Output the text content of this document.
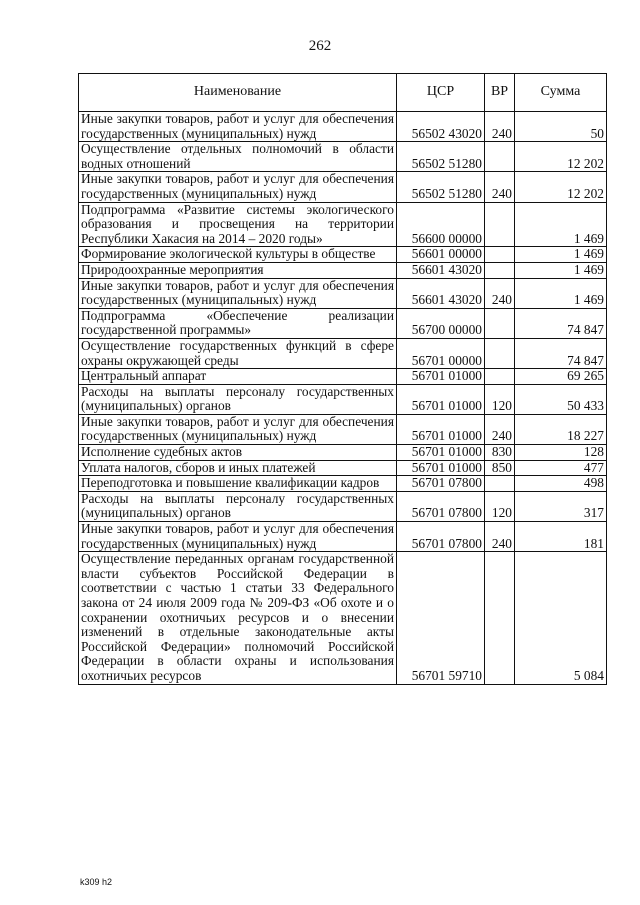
262
Наименование	ЦСР	ВР	Сумма
Иные закупки товаров, работ и услуг для обеспечения государственных (муниципальных) нужд	56502 43020	240	50
Осуществление отдельных полномочий в области водных отношений	56502 51280		12 202
Иные закупки товаров, работ и услуг для обеспечения государственных (муниципальных) нужд	56502 51280	240	12 202
Подпрограмма «Развитие системы экологического образования и просвещения на территории Республики Хакасия на 2014 – 2020 годы»	56600 00000		1 469
Формирование экологической культуры в обществе	56601 00000		1 469
Природоохранные мероприятия	56601 43020		1 469
Иные закупки товаров, работ и услуг для обеспечения государственных (муниципальных) нужд	56601 43020	240	1 469
Подпрограмма «Обеспечение реализации государственной программы»	56700 00000		74 847
Осуществление государственных функций в сфере охраны окружающей среды	56701 00000		74 847
Центральный аппарат	56701 01000		69 265
Расходы на выплаты персоналу государственных (муниципальных) органов	56701 01000	120	50 433
Иные закупки товаров, работ и услуг для обеспечения государственных (муниципальных) нужд	56701 01000	240	18 227
Исполнение судебных актов	56701 01000	830	128
Уплата налогов, сборов и иных платежей	56701 01000	850	477
Переподготовка и повышение квалификации кадров	56701 07800		498
Расходы на выплаты персоналу государственных (муниципальных) органов	56701 07800	120	317
Иные закупки товаров, работ и услуг для обеспечения государственных (муниципальных) нужд	56701 07800	240	181
Осуществление переданных органам государственной власти субъектов Российской Федерации в соответствии с частью 1 статьи 33 Федерального закона от 24 июля 2009 года № 209-ФЗ «Об охоте и о сохранении охотничьих ресурсов и о внесении изменений в отдельные законодательные акты Российской Федерации» полномочий Российской Федерации в области охраны и использования охотничьих ресурсов	56701 59710		5 084
k309 h2
